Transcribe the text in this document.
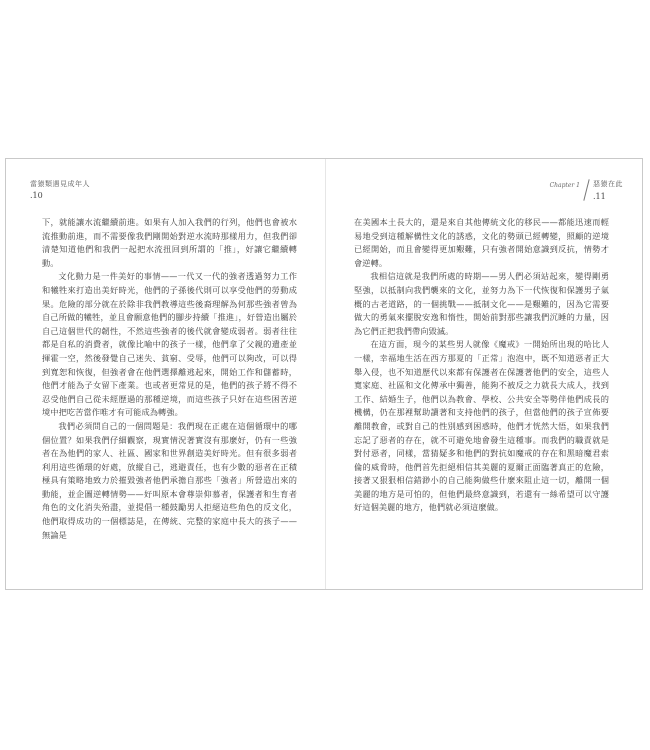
當猿類遇見成年人
.10

下，就能讓水流繼續前進。如果有人加入我們的行列，他們也會被水流推動前進，而不需要像我們剛開始對逆水流時那樣用力，但我們卻清楚知道他們和我們一起把水流扭回到所謂的「推」，好讓它繼續轉動。

文化動力是一件美好的事情——一代又一代的強者透過努力工作和犧牲來打造出美好時光，他們的子孫後代則可以享受他們的勞動成果。危險的部分就在於除非我們教導這些後裔理解為何那些強者曾為自己所做的犧牲，並且會願意他們的腳步持續「推進」，好營造出屬於自己這個世代的韌性，不然這些強者的後代就會變成弱者。弱者往往都是自私的消費者，就像比喻中的孩子一樣，他們拿了父親的遺產並揮霍一空，然後發覺自己迷失、貧窮、受辱，他們可以夠改，可以得到寬恕和恢復，但強者會在他們選擇離逃起來，開始工作和儲蓄時，他們才能為子女留下產業。也或者更常見的是，他們的孩子將不得不忍受他們自己從未經歷過的那種逆境，而這些孩子只好在這些困苦逆境中把吃苦當作唯才有可能成為轉強。

我們必須問自己的一個問題是：我們現在正處在這個循環中的哪個位置？如果我們仔細觀察，現實情況著實沒有那麼好，仍有一些強者在為他們的家人、社區、國家和世界創造美好時光。但有很多弱者利用這些循環的好處，放縱自己，逃避責任，也有少數的惡者在正積極具有策略地致力於摧毀強者他們承擔自那些「強者」所營造出來的動能，並企圖逆轉情勢——好叫原本會尊崇仰慕者，保護者和生育者角色的文化消失殆盡，並提倡一種鼓勵男人拒絕這些角色的反文化，他們取得成功的一個標誌是，在傳統、完整的家庭中長大的孩子——無論是

Chapter 1 惡猿在此
.11

在美國本土長大的，還是來自其他傳統文化的移民——都能迅速而輕易地受到這種解構性文化的誘惑，文化的勢頭已經轉變，照顧的逆境已經開始，而且會變得更加艱難，只有強者開始意識到反抗，情勢才會逆轉。

我相信這就是我們所處的時期——男人們必須站起來，變得剛勇堅強，以抵制向我們襲來的文化，並努力為下一代恢復和保護男子氣概的古老道路，的一個挑戰——抵制文化——是艱難的，因為它需要做大的勇氣來擺脫安逸和惰性，開始前對那些讓我們沉睡的力量，因為它們正把我們帶向毀滅。

在這方面，現今的某些男人就像《魔戒》一開始所出現的哈比人一樣，幸福地生活在西方那夏的「正常」泡泡中，既不知道惡者正大舉入侵，也不知道歷代以來都有保護者在保護著他們的安全，這些人寬家庭、社區和文化傳承中獨善，能夠不被反之力就長大成人，找到工作、結婚生子，他們以為教會、學校、公共安全等勢伴他們成長的機構，仍在那裡幫助讀著和支持他們的孩子，但當他們的孩子宣佈要離開教會，或對自己的性別感到困惑時，他們才恍然大悟，如果我們忘記了惡者的存在，就不可避免地會發生這種事。而我們的職責就是對付惡者，同樣，當猜疑多和他們的對抗如魔戒的存在和黑暗魔君索倫的威脅時，他們首先拒絕相信其美麗的夏爾正面臨著真正的危險，接著又狠狠相信錯渺小的自己能夠做些什麼來阻止這一切，離開一個美麗的地方是可怕的，但他們最終意識到，若還有一絲希望可以守護好這個美麗的地方，他們就必須這麼做。
